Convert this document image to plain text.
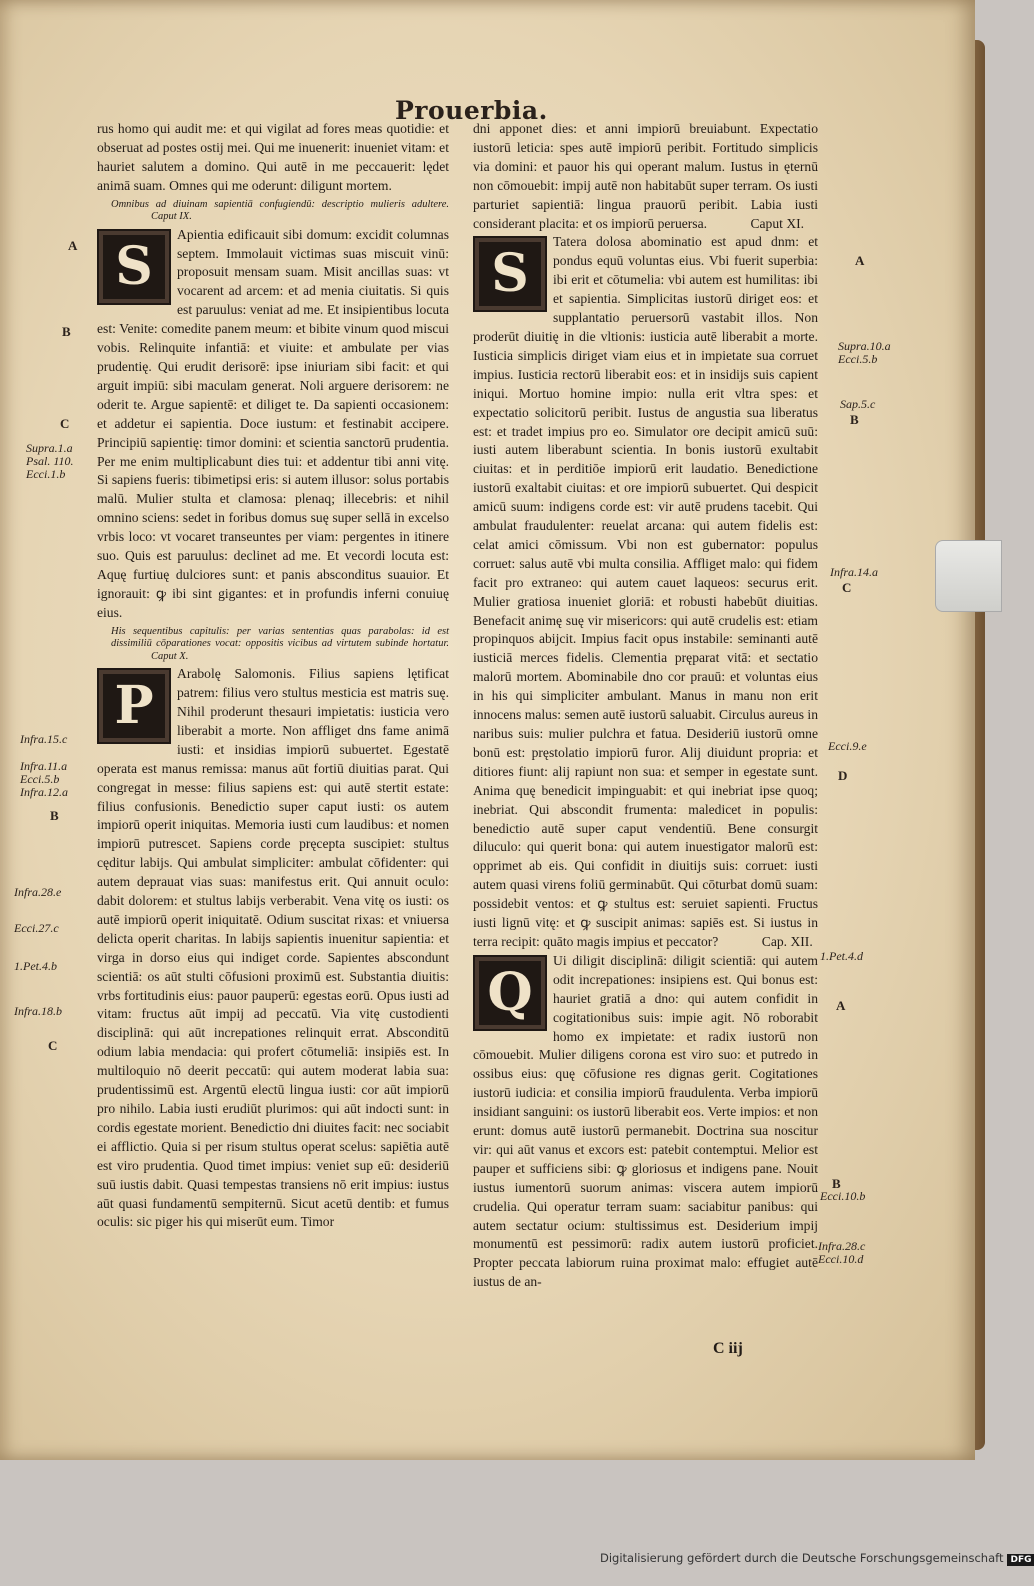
Prouerbia.

rus homo qui audit me: et qui vigilat ad fores meas quotidie: et obseruat ad postes ostij mei. Qui me inuenerit: inueniet vitam: et hauriet salutem a domino. Qui autē in me peccauerit: lędet animā suam. Omnes qui me oderunt: diligunt mortem.

Omnibus ad diuinam sapientiā confugiendū: descriptio mulieris adultere. Caput IX.

S

Apientia edificauit sibi domum: excidit columnas septem. Immolauit victimas suas miscuit vinū: proposuit mensam suam. Misit ancillas suas: vt vocarent ad arcem: et ad menia ciuitatis. Si quis est paruulus: veniat ad me. Et insipientibus locuta est: Venite: comedite panem meum: et bibite vinum quod miscui vobis. Relinquite infantiā: et viuite: et ambulate per vias prudentię. Qui erudit derisorē: ipse iniuriam sibi facit: et qui arguit impiū: sibi maculam generat. Noli arguere derisorem: ne oderit te. Argue sapientē: et diliget te. Da sapienti occasionem: et addetur ei sapientia. Doce iustum: et festinabit accipere. Principiū sapientię: timor domini: et scientia sanctorū prudentia. Per me enim multiplicabunt dies tui: et addentur tibi anni vitę. Si sapiens fueris: tibimetipsi eris: si autem illusor: solus portabis malū. Mulier stulta et clamosa: plenaq; illecebris: et nihil omnino sciens: sedet in foribus domus suę super sellā in excelso vrbis loco: vt vocaret transeuntes per viam: pergentes in itinere suo. Quis est paruulus: declinet ad me. Et vecordi locuta est: Aquę furtiuę dulciores sunt: et panis absconditus suauior. Et ignorauit: ꝙ ibi sint gigantes: et in profundis inferni conuiuę eius.

His sequentibus capitulis: per varias sententias quas parabolas: id est dissimiliū cōparationes vocat: oppositis vicibus ad virtutem subinde hortatur. Caput X.

P

Arabolę Salomonis. Filius sapiens lętificat patrem: filius vero stultus mesticia est matris suę. Nihil proderunt thesauri impietatis: iusticia vero liberabit a morte. Non affliget dns fame animā iusti: et insidias impiorū subuertet. Egestatē operata est manus remissa: manus aūt fortiū diuitias parat. Qui congregat in messe: filius sapiens est: qui autē stertit estate: filius confusionis. Benedictio super caput iusti: os autem impiorū operit iniquitas. Memoria iusti cum laudibus: et nomen impiorū putrescet. Sapiens corde pręcepta suscipiet: stultus cęditur labijs. Qui ambulat simpliciter: ambulat cōfidenter: qui autem deprauat vias suas: manifestus erit. Qui annuit oculo: dabit dolorem: et stultus labijs verberabit. Vena vitę os iusti: os autē impiorū operit iniquitatē. Odium suscitat rixas: et vniuersa delicta operit charitas. In labijs sapientis inuenitur sapientia: et virga in dorso eius qui indiget corde. Sapientes abscondunt scientiā: os aūt stulti cōfusioni proximū est. Substantia diuitis: vrbs fortitudinis eius: pauor pauperū: egestas eorū. Opus iusti ad vitam: fructus aūt impij ad peccatū. Via vitę custodienti disciplinā: qui aūt increpationes relinquit errat. Absconditū odium labia mendacia: qui profert cōtumeliā: insipiēs est. In multiloquio nō deerit peccatū: qui autem moderat labia sua: prudentissimū est. Argentū electū lingua iusti: cor aūt impiorū pro nihilo. Labia iusti erudiūt plurimos: qui aūt indocti sunt: in cordis egestate morient. Benedictio dni diuites facit: nec sociabit ei afflictio. Quia si per risum stultus operat scelus: sapiētia autē est viro prudentia. Quod timet impius: veniet sup eū: desideriū suū iustis dabit. Quasi tempestas transiens nō erit impius: iustus aūt quasi fundamentū sempiternū. Sicut acetū dentib: et fumus oculis: sic piger his qui miserūt eum. Timor

dni apponet dies: et anni impiorū breuiabunt. Expectatio iustorū leticia: spes autē impiorū peribit. Fortitudo simplicis via domini: et pauor his qui operant malum. Iustus in ęternū non cōmouebit: impij autē non habitabūt super terram. Os iusti parturiet sapientiā: lingua prauorū peribit. Labia iusti considerant placita: et os impiorū peruersa.	Caput XI.

S

Tatera dolosa abominatio est apud dnm: et pondus equū voluntas eius. Vbi fuerit superbia: ibi erit et cōtumelia: vbi autem est humilitas: ibi et sapientia. Simplicitas iustorū diriget eos: et supplantatio peruersorū vastabit illos. Non proderūt diuitię in die vltionis: iusticia autē liberabit a morte. Iusticia simplicis diriget viam eius et in impietate sua corruet impius. Iusticia rectorū liberabit eos: et in insidijs suis capient iniqui. Mortuo homine impio: nulla erit vltra spes: et expectatio solicitorū peribit. Iustus de angustia sua liberatus est: et tradet impius pro eo. Simulator ore decipit amicū suū: iusti autem liberabunt scientia. In bonis iustorū exultabit ciuitas: et in perditiōe impiorū erit laudatio. Benedictione iustorū exaltabit ciuitas: et ore impiorū subuertet. Qui despicit amicū suum: indigens corde est: vir autē prudens tacebit. Qui ambulat fraudulenter: reuelat arcana: qui autem fidelis est: celat amici cōmissum. Vbi non est gubernator: populus corruet: salus autē vbi multa consilia. Affliget malo: qui fidem facit pro extraneo: qui autem cauet laqueos: securus erit. Mulier gratiosa inueniet gloriā: et robusti habebūt diuitias. Benefacit animę suę vir misericors: qui autē crudelis est: etiam propinquos abijcit. Impius facit opus instabile: seminanti autē iusticiā merces fidelis. Clementia pręparat vitā: et sectatio malorū mortem. Abominabile dno cor prauū: et voluntas eius in his qui simpliciter ambulant. Manus in manu non erit innocens malus: semen autē iustorū saluabit. Circulus aureus in naribus suis: mulier pulchra et fatua. Desideriū iustorū omne bonū est: pręstolatio impiorū furor. Alij diuidunt propria: et ditiores fiunt: alij rapiunt non sua: et semper in egestate sunt. Anima quę benedicit impinguabit: et qui inebriat ipse quoq; inebriat. Qui abscondit frumenta: maledicet in populis: benedictio autē super caput vendentiū. Bene consurgit diluculo: qui querit bona: qui autem inuestigator malorū est: opprimet ab eis. Qui confidit in diuitijs suis: corruet: iusti autem quasi virens foliū germinabūt. Qui cōturbat domū suam: possidebit ventos: et ꝙ stultus est: seruiet sapienti. Fructus iusti lignū vitę: et ꝙ suscipit animas: sapiēs est. Si iustus in terra recipit: quāto magis impius et peccator?	Cap. XII.

Q

Ui diligit disciplinā: diligit scientiā: qui autem odit increpationes: insipiens est. Qui bonus est: hauriet gratiā a dno: qui autem confidit in cogitationibus suis: impie agit. Nō roborabit homo ex impietate: et radix iustorū non cōmouebit. Mulier diligens corona est viro suo: et putredo in ossibus eius: quę cōfusione res dignas gerit. Cogitationes iustorū iudicia: et consilia impiorū fraudulenta. Verba impiorū insidiant sanguini: os iustorū liberabit eos. Verte impios: et non erunt: domus autē iustorū permanebit. Doctrina sua noscitur vir: qui aūt vanus et excors est: patebit contemptui. Melior est pauper et sufficiens sibi: ꝙ gloriosus et indigens pane. Nouit iustus iumentorū suorum animas: viscera autem impiorū crudelia. Qui operatur terram suam: saciabitur panibus: qui autem sectatur ocium: stultissimus est. Desiderium impij monumentū est pessimorū: radix autem iustorū proficiet. Propter peccata labiorum ruina proximat malo: effugiet autē iustus de an-

A
B
C
Supra.1.a
Psal. 110.
Ecci.1.b
Infra.15.c
Infra.11.a
Ecci.5.b
Infra.12.a
B
Infra.28.e
Ecci.27.c
1.Pet.4.b
Infra.18.b
C
A
Supra.10.a
Ecci.5.b
Sap.5.c
B
Infra.14.a
C
Ecci.9.e
D
1.Pet.4.d
A
B
Ecci.10.b
Infra.28.c
Ecci.10.d
C iij
Digitalisierung gefördert durch die Deutsche Forschungsgemeinschaft DFG
